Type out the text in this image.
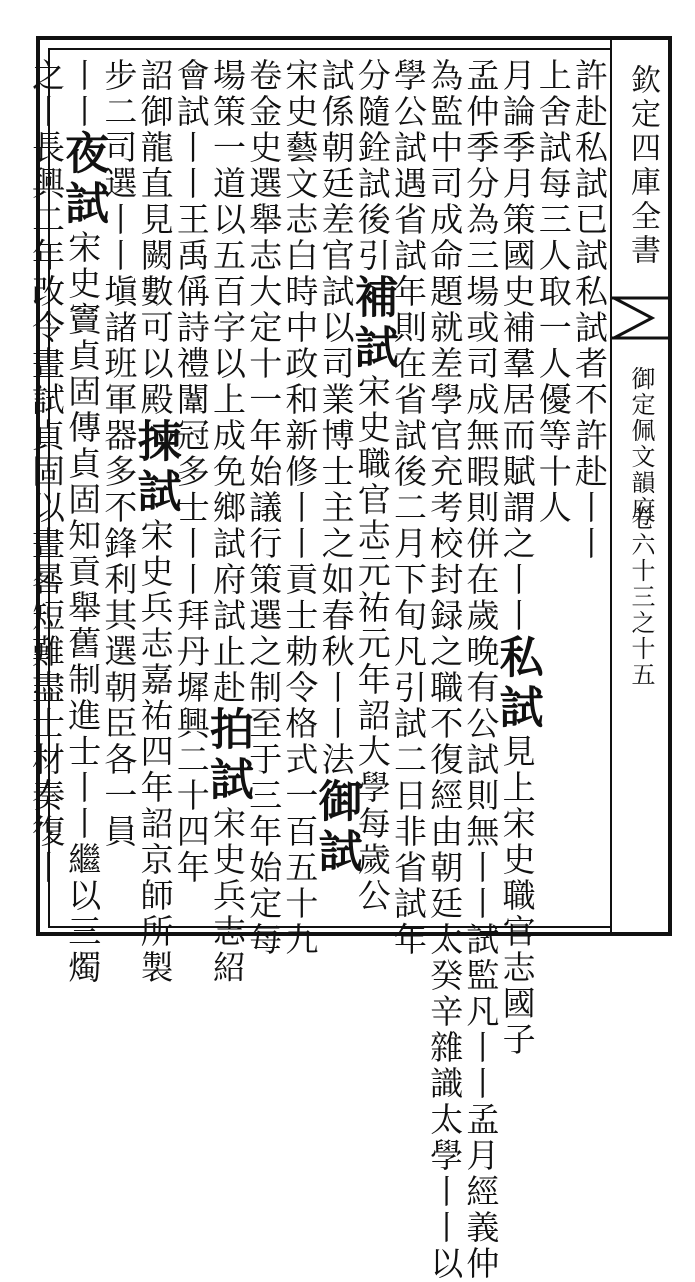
欽定四庫全書
御定佩文韻府
卷六十三之十五
許赴私試已試私試者不許赴丨丨
上舍試每三人取一人優等十人
月論季月策國史補羣居而賦謂之丨丨私試見上宋史職官志國子
孟仲季分為三場或司成無暇則併在歲晚有公試則無丨丨試監凡丨丨孟月經義仲
為監中司成命題就差學官充考校封録之職不復經由朝廷太癸辛雜識太學丨丨以
學公試遇省試年則在省試後二月下旬凡引試二日非省試年
分隨銓試後引補試宋史職官志元祐元年詔大學每歲公
試係朝廷差官試以司業博士主之如春秋丨丨法御試
宋史藝文志白時中政和新修丨丨貢士勅令格式一百五十九
卷金史選舉志大定十一年始議行策選之制至于三年始定每
場策一道以五百字以上成免鄉試府試止赴拍試宋史兵志紹
會試丨丨王禹偁詩禮闈冠多士丨丨拜丹墀興二十四年
詔御龍直見闕數可以殿揀試宋史兵志嘉祐四年詔京師所製
步二司選丨丨塡諸班軍器多不鋒利其選朝臣各一員
丨丨夜試宋史竇貞固傳貞固知貢舉舊制進士丨丨繼以三燭
之丨長興二年改令晝試貞固以晝晷短難盡士材奏復丨
